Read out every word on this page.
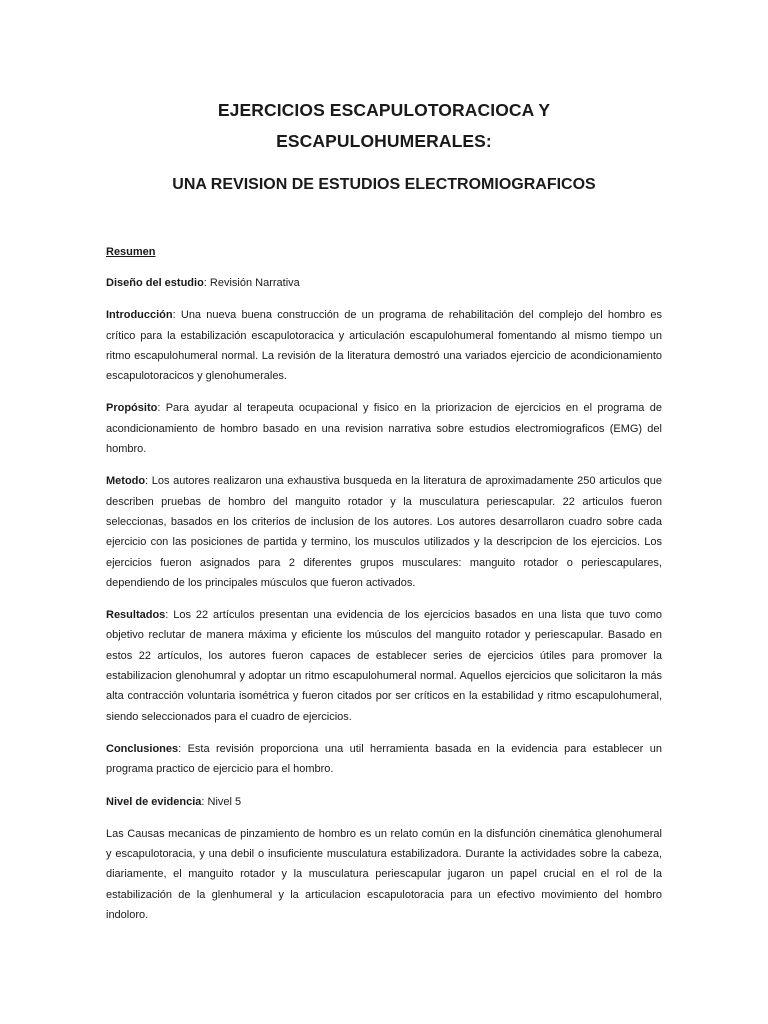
EJERCICIOS ESCAPULOTORACIOCA Y
ESCAPULOHUMERALES:
UNA REVISION DE ESTUDIOS ELECTROMIOGRAFICOS

Resumen

Diseño del estudio: Revisión Narrativa

Introducción: Una nueva buena construcción de un programa de rehabilitación del complejo del hombro es crítico para la estabilización escapulotoracica y articulación escapulohumeral fomentando al mismo tiempo un ritmo escapulohumeral normal. La revisión de la literatura demostró una variados ejercicio de acondicionamiento escapulotoracicos y glenohumerales.

Propósito: Para ayudar al terapeuta ocupacional y fisico en la priorizacion de ejercicios en el programa de acondicionamiento de hombro basado en una revision narrativa sobre estudios electromiograficos (EMG) del hombro.

Metodo: Los autores realizaron una exhaustiva busqueda en la literatura de aproximadamente 250 articulos que describen pruebas de hombro del manguito rotador y la musculatura periescapular. 22 articulos fueron seleccionas, basados en los criterios de inclusion de los autores. Los autores desarrollaron cuadro sobre cada ejercicio con las posiciones de partida y termino, los musculos utilizados y la descripcion de los ejercicios. Los ejercicios fueron asignados para 2 diferentes grupos musculares: manguito rotador o periescapulares, dependiendo de los principales músculos que fueron activados.

Resultados: Los 22 artículos presentan una evidencia de los ejercicios basados en una lista que tuvo como objetivo reclutar de manera máxima y eficiente los músculos del manguito rotador y periescapular. Basado en estos 22 artículos, los autores fueron capaces de establecer series de ejercicios útiles para promover la estabilizacion glenohumral y adoptar un ritmo escapulohumeral normal. Aquellos ejercicios que solicitaron la más alta contracción voluntaria isométrica y fueron citados por ser críticos en la estabilidad y ritmo escapulohumeral, siendo seleccionados para el cuadro de ejercicios.

Conclusiones: Esta revisión proporciona una util herramienta basada en la evidencia para establecer un programa practico de ejercicio para el hombro.

Nivel de evidencia: Nivel 5

Las Causas mecanicas de pinzamiento de hombro es un relato común en la disfunción cinemática glenohumeral y escapulotoracia, y una debil o insuficiente musculatura estabilizadora. Durante la actividades sobre la cabeza, diariamente, el manguito rotador y la musculatura periescapular jugaron un papel crucial en el rol de la estabilización de la glenhumeral y la articulacion escapulotoracia para un efectivo movimiento del hombro indoloro.
